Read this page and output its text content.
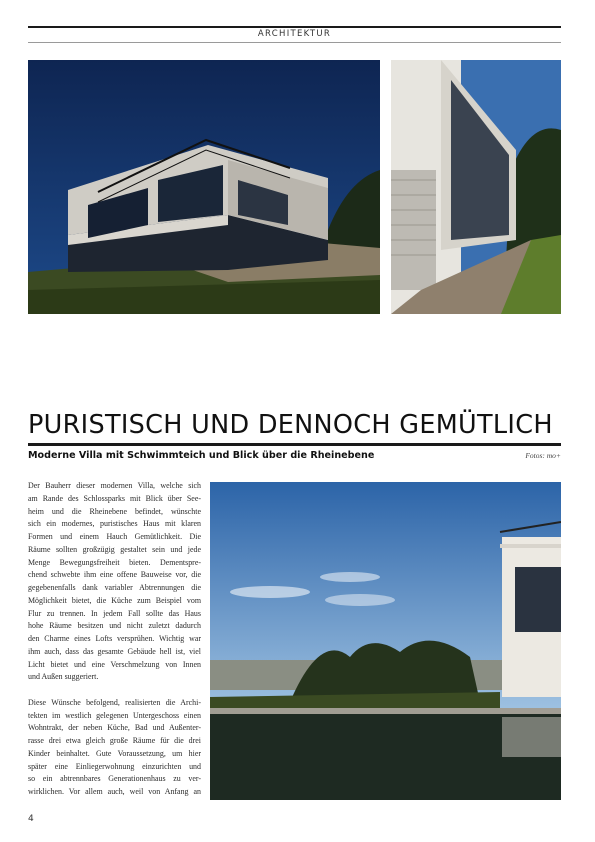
ARCHITEKTUR
PURISTISCH UND DENNOCH GEMÜTLICH
Moderne Villa mit Schwimmteich und Blick über die Rheinebene	Fotos: mo+

Der Bauherr dieser modernen Villa, welche sich
am Rande des Schlossparks mit Blick über See-
heim und die Rheinebene befindet, wünschte
sich ein modernes, puristisches Haus mit klaren
Formen und einem Hauch Gemütlichkeit. Die
Räume sollten großzügig gestaltet sein und jede
Menge Bewegungsfreiheit bieten. Dementspre-
chend schwebte ihm eine offene Bauweise vor, die
gegebenenfalls dank variabler Abtrennungen die
Möglichkeit bietet, die Küche zum Beispiel vom
Flur zu trennen. In jedem Fall sollte das Haus
hohe Räume besitzen und nicht zuletzt dadurch
den Charme eines Lofts versprühen. Wichtig war
ihm auch, dass das gesamte Gebäude hell ist, viel
Licht bietet und eine Verschmelzung von Innen
und Außen suggeriert.

Diese Wünsche befolgend, realisierten die Archi-
tekten im westlich gelegenen Untergeschoss einen
Wohntrakt, der neben Küche, Bad und Außenter-
rasse drei etwa gleich große Räume für die drei
Kinder beinhaltet. Gute Voraussetzung, um hier
später eine Einliegerwohnung einzurichten und
so ein abtrennbares Generationenhaus zu ver-
wirklichen. Vor allem auch, weil von Anfang an

4
